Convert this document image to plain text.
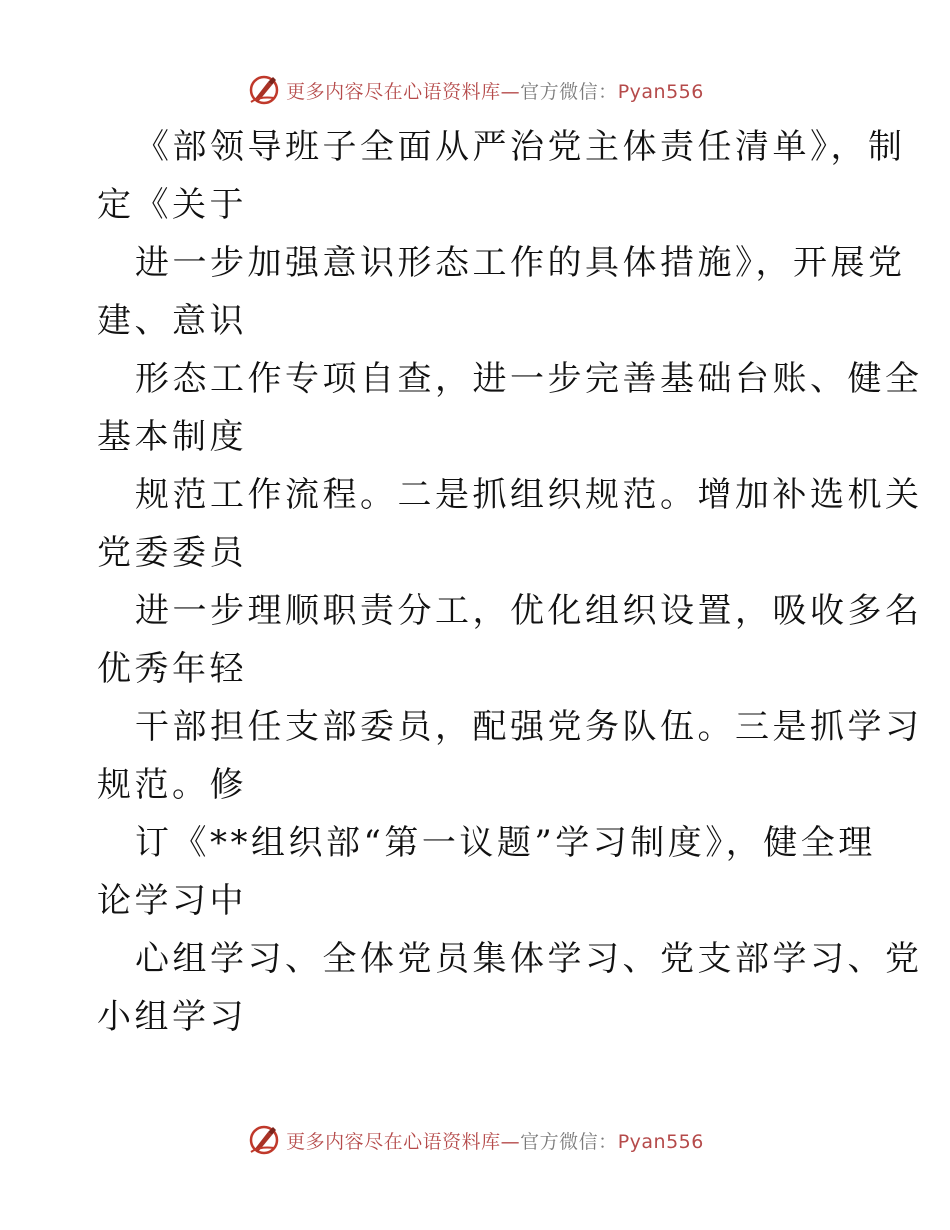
更多内容尽在心语资料库—官方微信：Pyan556
《部领导班子全面从严治党主体责任清单》，制
定《关于
进一步加强意识形态工作的具体措施》，开展党
建、意识
形态工作专项自查，进一步完善基础台账、健全
基本制度
规范工作流程。二是抓组织规范。增加补选机关
党委委员
进一步理顺职责分工，优化组织设置，吸收多名
优秀年轻
干部担任支部委员，配强党务队伍。三是抓学习
规范。修
订《**组织部“第一议题”学习制度》，健全理
论学习中
心组学习、全体党员集体学习、党支部学习、党
小组学习
更多内容尽在心语资料库—官方微信：Pyan556
